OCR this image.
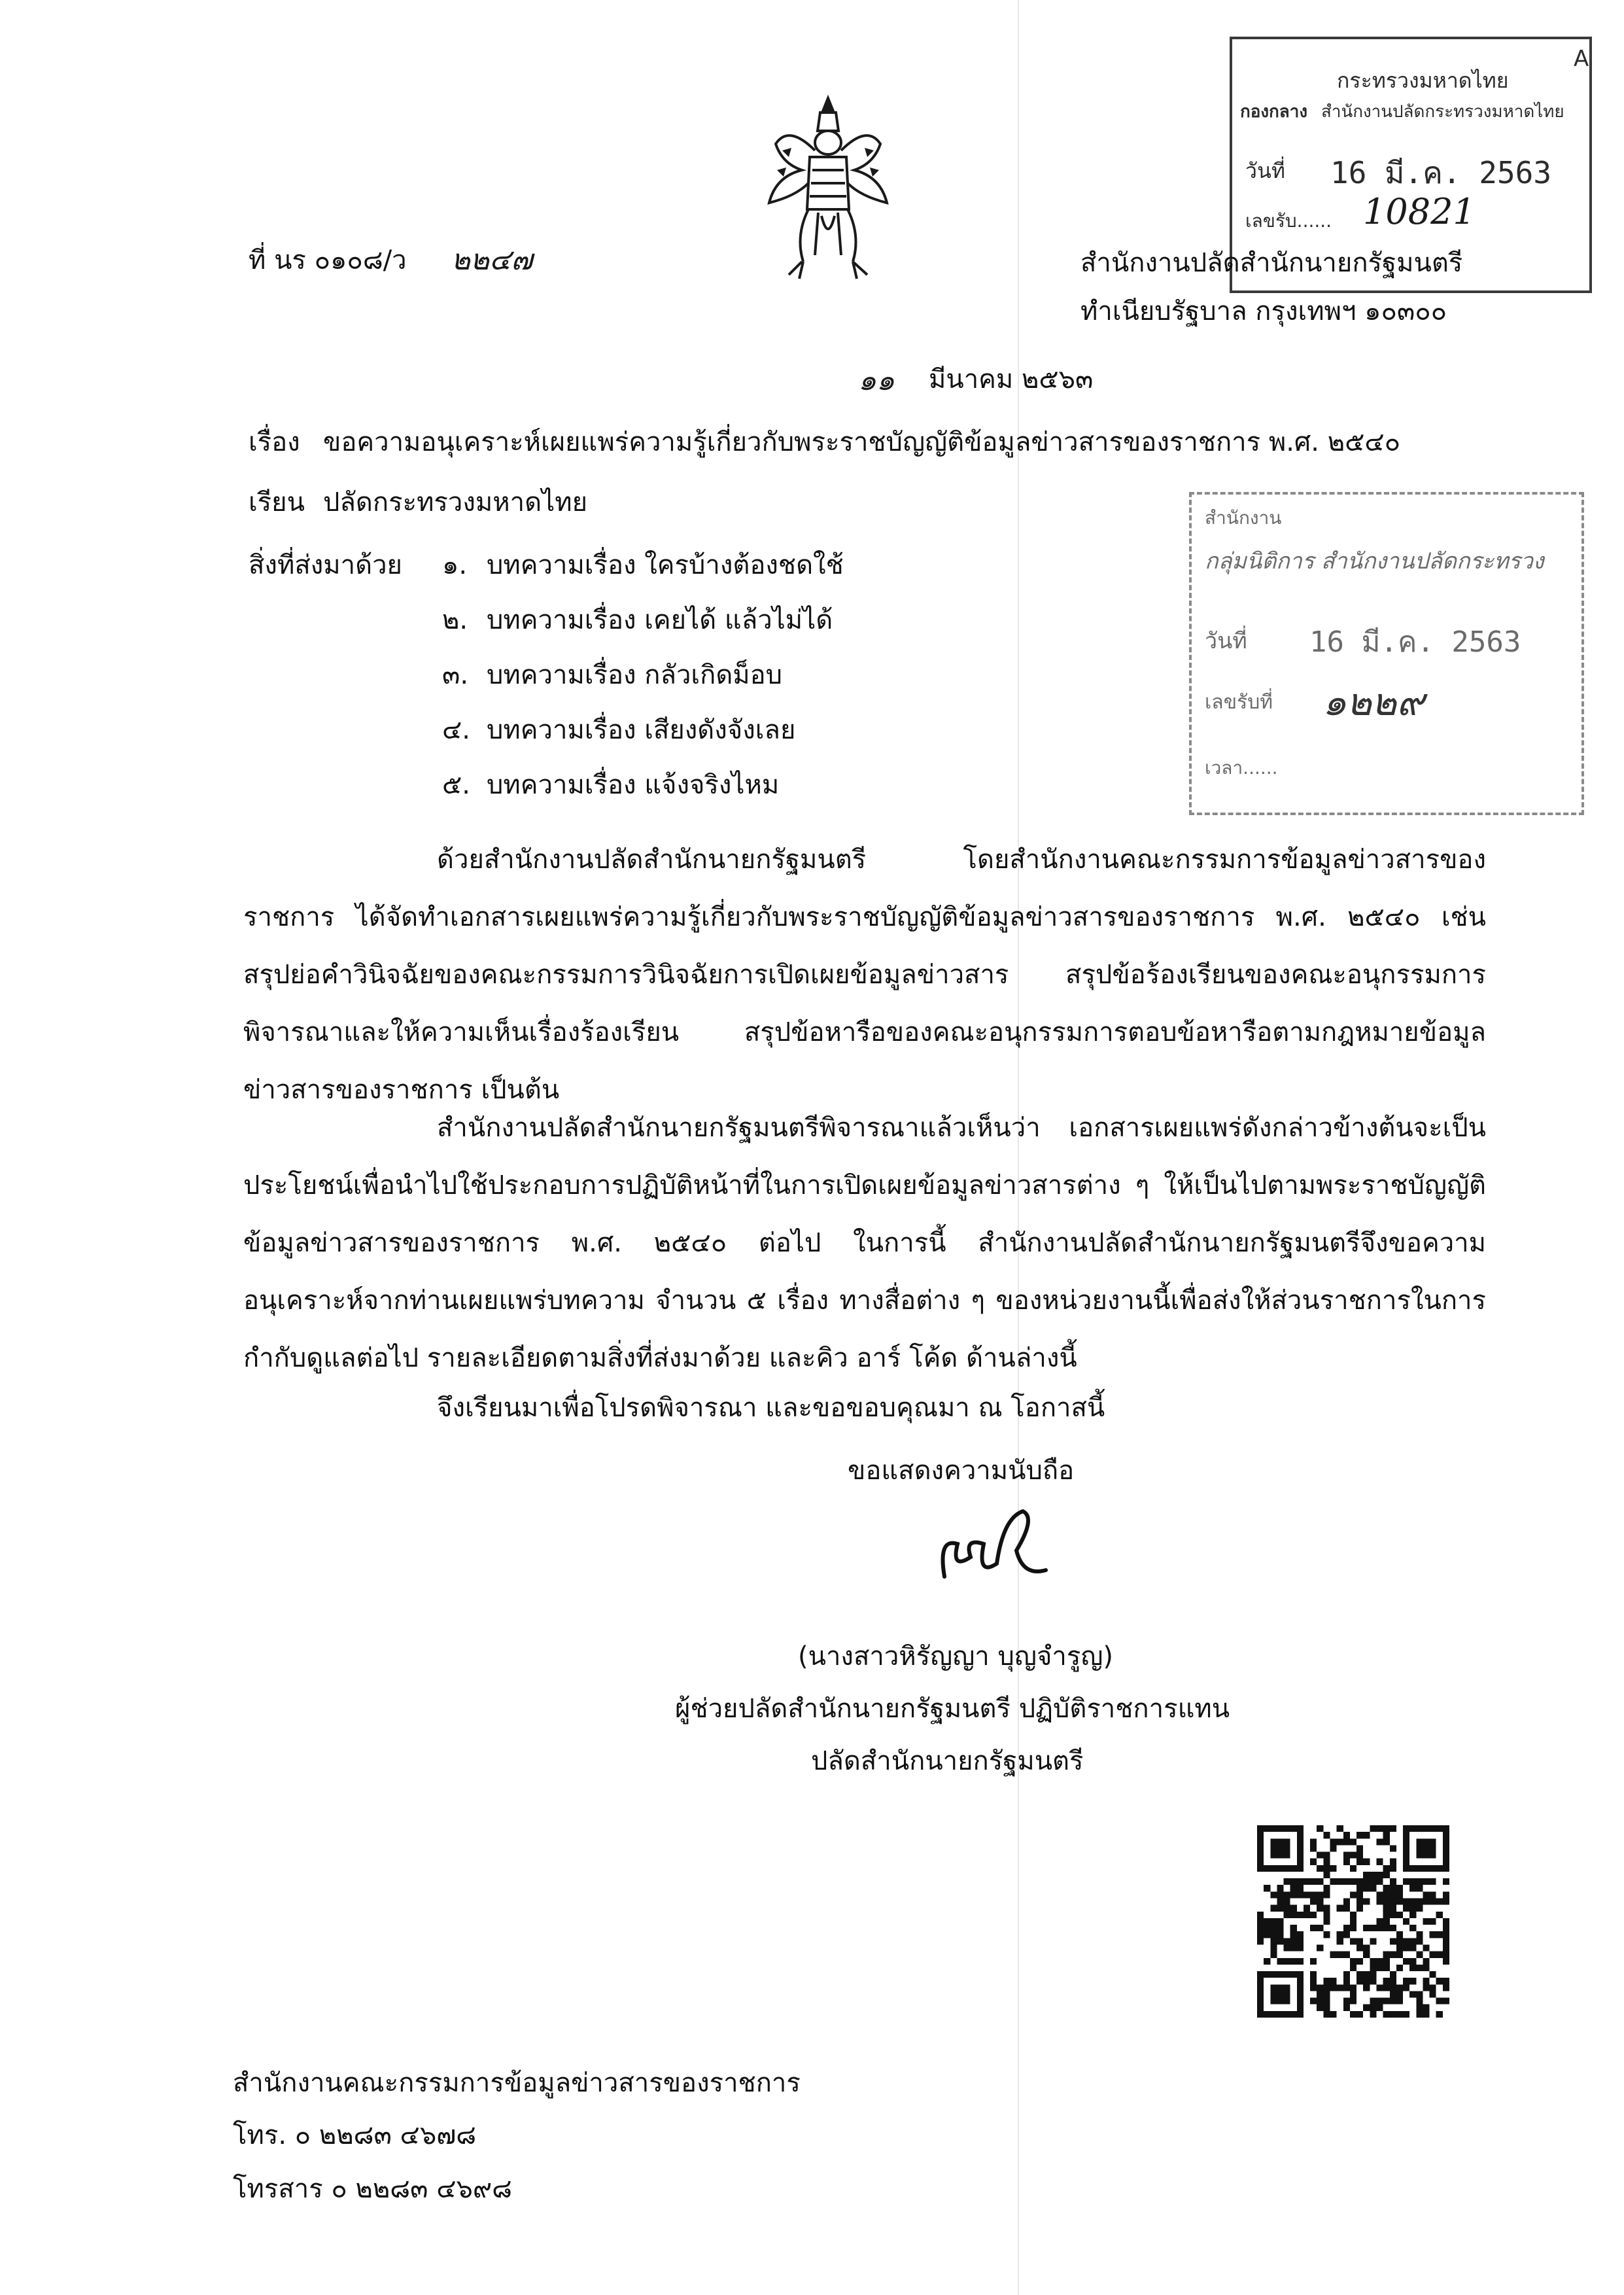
A
กระทรวงมหาดไทย
กองกลาง สำนักงานปลัดกระทรวงมหาดไทย
วันที่ 16 มี.ค. 2563
เลขรับ...... 10821
สำนักงาน
กลุ่มนิติการ สำนักงานปลัดกระทรวง
วันที่ 16 มี.ค. 2563
เลขรับที่ ๑๒๒๙
เวลา......
ที่ นร ๐๑๐๘/ว ๒๒๔๗	สำนักงานปลัดสำนักนายกรัฐมนตรี
ทำเนียบรัฐบาล กรุงเทพฯ ๑๐๓๐๐
๑๑ มีนาคม ๒๕๖๓
เรื่อง ขอความอนุเคราะห์เผยแพร่ความรู้เกี่ยวกับพระราชบัญญัติข้อมูลข่าวสารของราชการ พ.ศ. ๒๕๔๐
เรียน ปลัดกระทรวงมหาดไทย
สิ่งที่ส่งมาด้วย ๑. บทความเรื่อง ใครบ้างต้องชดใช้
๒. บทความเรื่อง เคยได้ แล้วไม่ได้
๓. บทความเรื่อง กลัวเกิดม็อบ
๔. บทความเรื่อง เสียงดังจังเลย
๕. บทความเรื่อง แจ้งจริงไหม
ด้วยสำนักงานปลัดสำนักนายกรัฐมนตรี โดยสำนักงานคณะกรรมการข้อมูลข่าวสารของราชการ ได้จัดทำเอกสารเผยแพร่ความรู้เกี่ยวกับพระราชบัญญัติข้อมูลข่าวสารของราชการ พ.ศ. ๒๕๔๐ เช่น สรุปย่อคำวินิจฉัยของคณะกรรมการวินิจฉัยการเปิดเผยข้อมูลข่าวสาร สรุปข้อร้องเรียนของคณะอนุกรรมการพิจารณาและให้ความเห็นเรื่องร้องเรียน สรุปข้อหารือของคณะอนุกรรมการตอบข้อหารือตามกฎหมายข้อมูลข่าวสารของราชการ เป็นต้น
สำนักงานปลัดสำนักนายกรัฐมนตรีพิจารณาแล้วเห็นว่า เอกสารเผยแพร่ดังกล่าวข้างต้นจะเป็นประโยชน์เพื่อนำไปใช้ประกอบการปฏิบัติหน้าที่ในการเปิดเผยข้อมูลข่าวสารต่าง ๆ ให้เป็นไปตามพระราชบัญญัติข้อมูลข่าวสารของราชการ พ.ศ. ๒๕๔๐ ต่อไป ในการนี้ สำนักงานปลัดสำนักนายกรัฐมนตรีจึงขอความอนุเคราะห์จากท่านเผยแพร่บทความ จำนวน ๕ เรื่อง ทางสื่อต่าง ๆ ของหน่วยงานนี้เพื่อส่งให้ส่วนราชการในการกำกับดูแลต่อไป รายละเอียดตามสิ่งที่ส่งมาด้วย และคิว อาร์ โค้ด ด้านล่างนี้
จึงเรียนมาเพื่อโปรดพิจารณา และขอขอบคุณมา ณ โอกาสนี้
ขอแสดงความนับถือ
(นางสาวหิรัญญา บุญจำรูญ)
ผู้ช่วยปลัดสำนักนายกรัฐมนตรี ปฏิบัติราชการแทน
ปลัดสำนักนายกรัฐมนตรี
สำนักงานคณะกรรมการข้อมูลข่าวสารของราชการ
โทร. ๐ ๒๒๘๓ ๔๖๗๘
โทรสาร ๐ ๒๒๘๓ ๔๖๙๘
